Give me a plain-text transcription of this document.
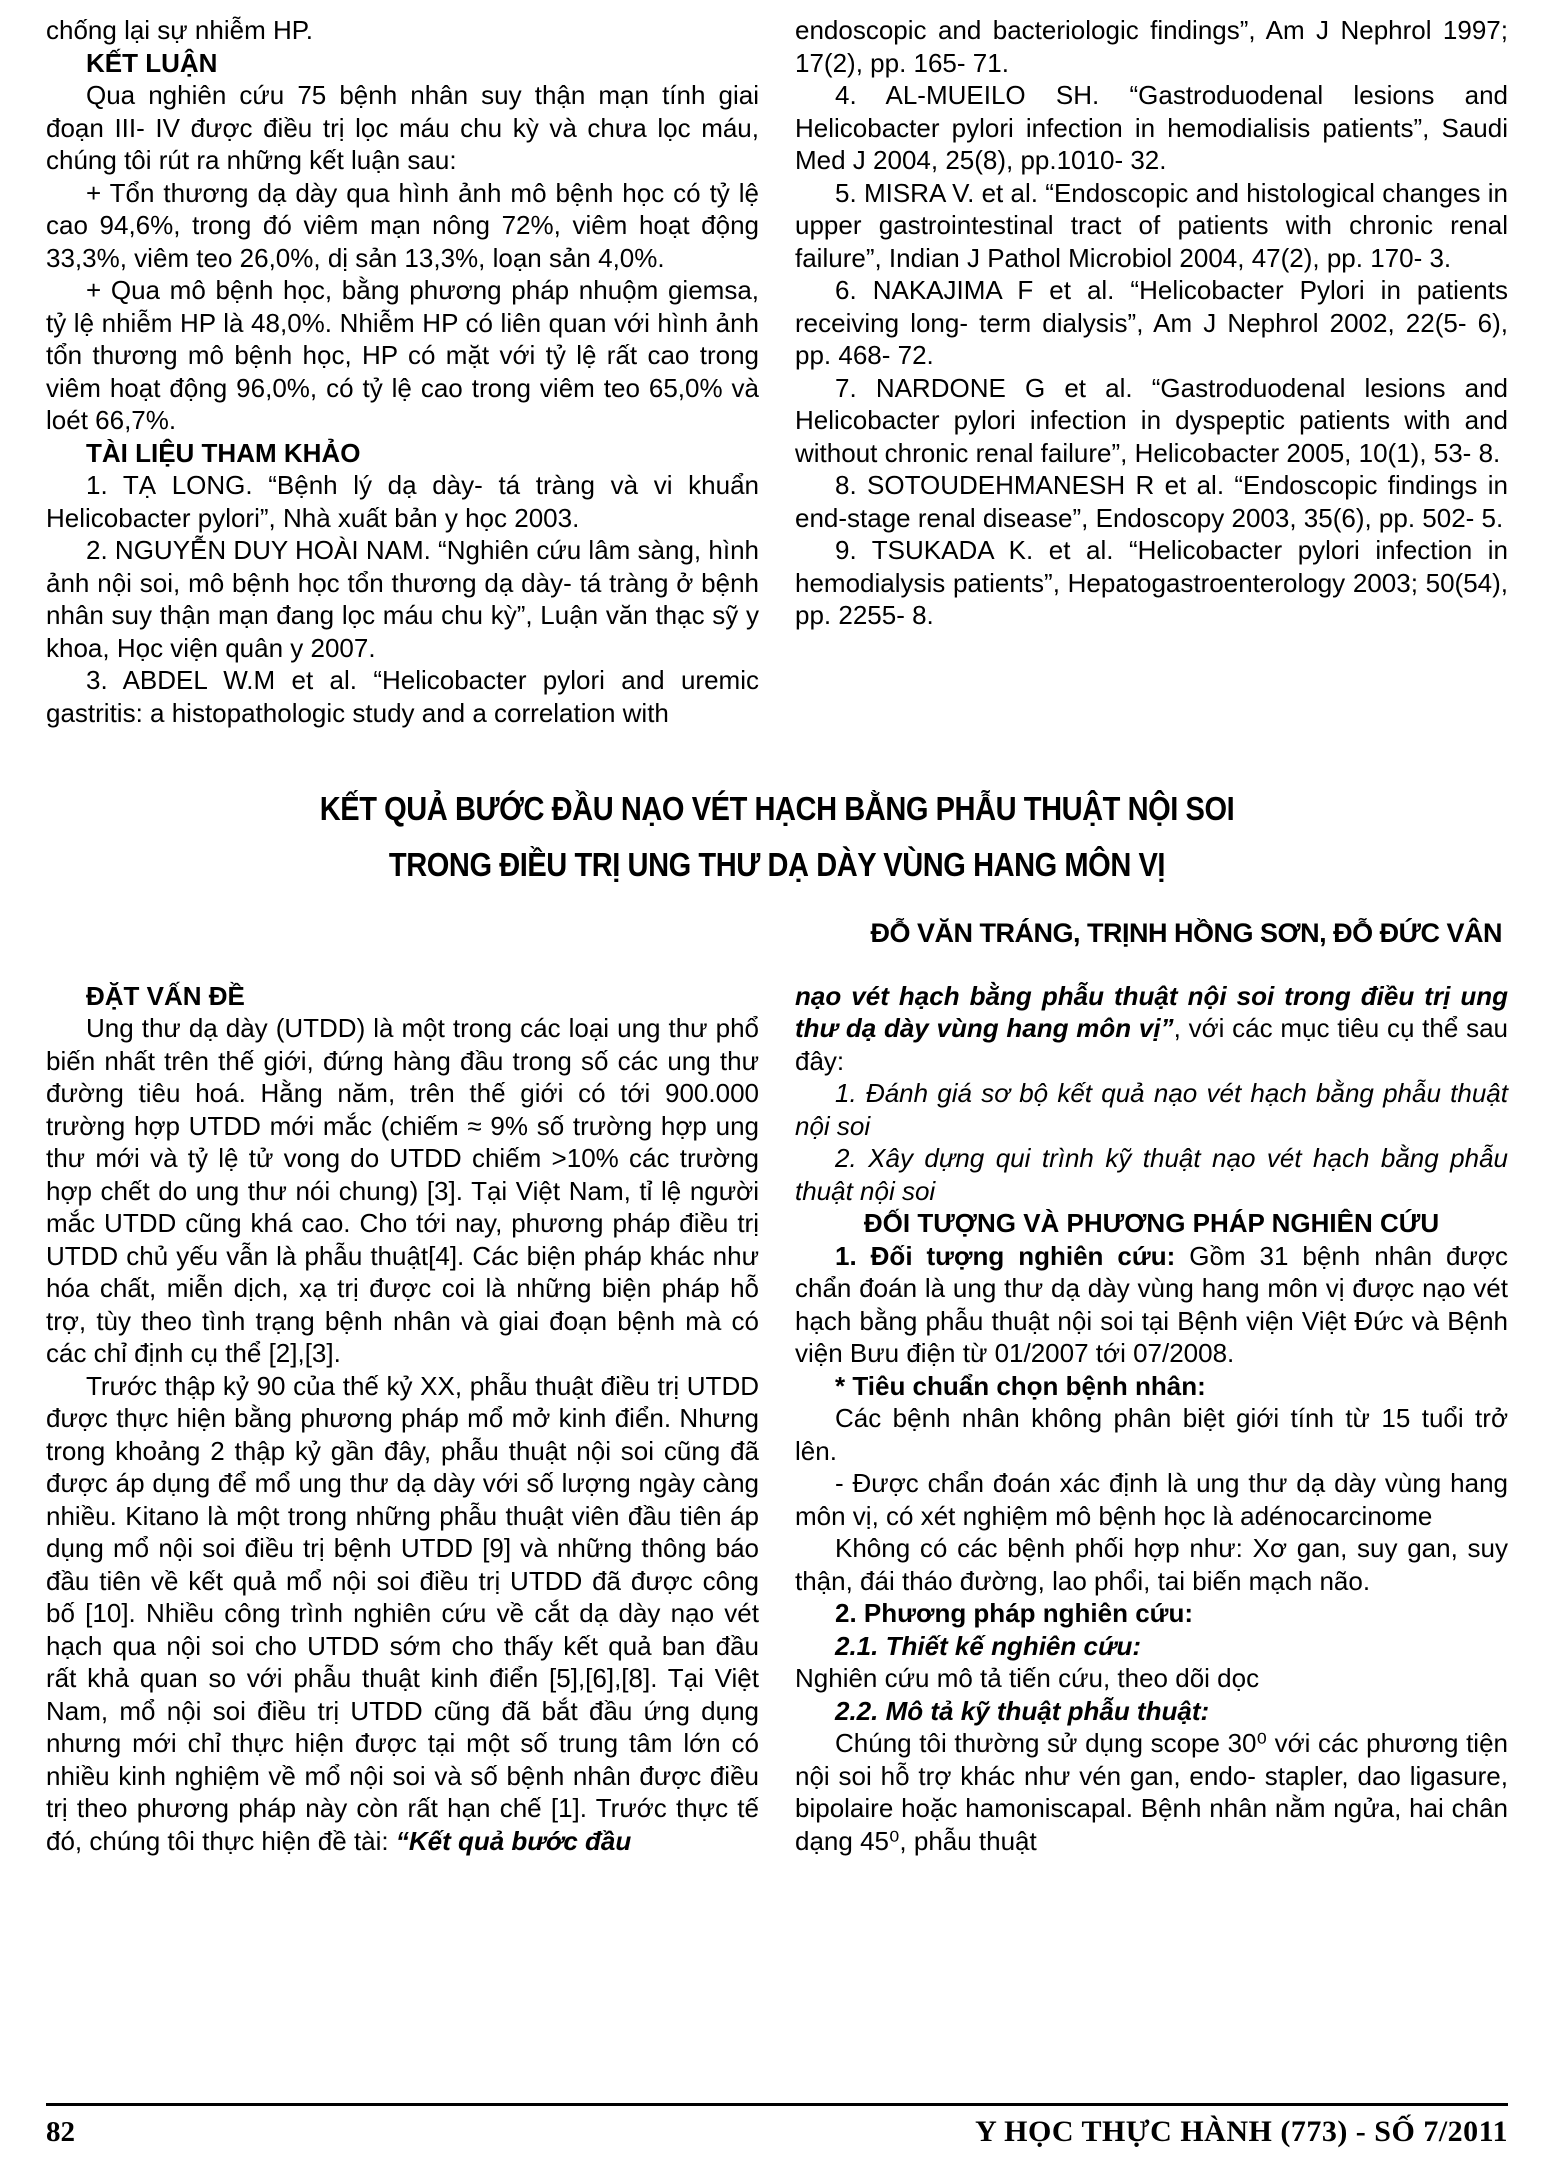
chống lại sự nhiễm HP.

KẾT LUẬN

Qua nghiên cứu 75 bệnh nhân suy thận mạn tính giai đoạn III- IV được điều trị lọc máu chu kỳ và chưa lọc máu, chúng tôi rút ra những kết luận sau:

+ Tổn thương dạ dày qua hình ảnh mô bệnh học có tỷ lệ cao 94,6%, trong đó viêm mạn nông 72%, viêm hoạt động 33,3%, viêm teo 26,0%, dị sản 13,3%, loạn sản 4,0%.

+ Qua mô bệnh học, bằng phương pháp nhuộm giemsa, tỷ lệ nhiễm HP là 48,0%. Nhiễm HP có liên quan với hình ảnh tổn thương mô bệnh học, HP có mặt với tỷ lệ rất cao trong viêm hoạt động 96,0%, có tỷ lệ cao trong viêm teo 65,0% và loét 66,7%.

TÀI LIỆU THAM KHẢO

1. TẠ LONG. “Bệnh lý dạ dày- tá tràng và vi khuẩn Helicobacter pylori”, Nhà xuất bản y học 2003.

2. NGUYỄN DUY HOÀI NAM. “Nghiên cứu lâm sàng, hình ảnh nội soi, mô bệnh học tổn thương dạ dày- tá tràng ở bệnh nhân suy thận mạn đang lọc máu chu kỳ”, Luận văn thạc sỹ y khoa, Học viện quân y 2007.

3. ABDEL W.M et al. “Helicobacter pylori and uremic gastritis: a histopathologic study and a correlation with

endoscopic and bacteriologic findings”, Am J Nephrol 1997; 17(2), pp. 165- 71.

4. AL-MUEILO SH. “Gastroduodenal lesions and Helicobacter pylori infection in hemodialisis patients”, Saudi Med J 2004, 25(8), pp.1010- 32.

5. MISRA V. et al. “Endoscopic and histological changes in upper gastrointestinal tract of patients with chronic renal failure”, Indian J Pathol Microbiol 2004, 47(2), pp. 170- 3.

6. NAKAJIMA F et al. “Helicobacter Pylori in patients receiving long- term dialysis”, Am J Nephrol 2002, 22(5- 6), pp. 468- 72.

7. NARDONE G et al. “Gastroduodenal lesions and Helicobacter pylori infection in dyspeptic patients with and without chronic renal failure”, Helicobacter 2005, 10(1), 53- 8.

8. SOTOUDEHMANESH R et al. “Endoscopic findings in end-stage renal disease”, Endoscopy 2003, 35(6), pp. 502- 5.

9. TSUKADA K. et al. “Helicobacter pylori infection in hemodialysis patients”, Hepatogastroenterology 2003; 50(54), pp. 2255- 8.

KẾT QUẢ BƯỚC ĐẦU NẠO VÉT HẠCH BẰNG PHẪU THUẬT NỘI SOI
TRONG ĐIỀU TRỊ UNG THƯ DẠ DÀY VÙNG HANG MÔN VỊ
ĐỖ VĂN TRÁNG, TRỊNH HỒNG SƠN, ĐỖ ĐỨC VÂN

ĐẶT VẤN ĐỀ

Ung thư dạ dày (UTDD) là một trong các loại ung thư phổ biến nhất trên thế giới, đứng hàng đầu trong số các ung thư đường tiêu hoá. Hằng năm, trên thế giới có tới 900.000 trường hợp UTDD mới mắc (chiếm ≈ 9% số trường hợp ung thư mới và tỷ lệ tử vong do UTDD chiếm >10% các trường hợp chết do ung thư nói chung) [3]. Tại Việt Nam, tỉ lệ người mắc UTDD cũng khá cao. Cho tới nay, phương pháp điều trị UTDD chủ yếu vẫn là phẫu thuật[4]. Các biện pháp khác như hóa chất, miễn dịch, xạ trị được coi là những biện pháp hỗ trợ, tùy theo tình trạng bệnh nhân và giai đoạn bệnh mà có các chỉ định cụ thể [2],[3].

Trước thập kỷ 90 của thế kỷ XX, phẫu thuật điều trị UTDD được thực hiện bằng phương pháp mổ mở kinh điển. Nhưng trong khoảng 2 thập kỷ gần đây, phẫu thuật nội soi cũng đã được áp dụng để mổ ung thư dạ dày với số lượng ngày càng nhiều. Kitano là một trong những phẫu thuật viên đầu tiên áp dụng mổ nội soi điều trị bệnh UTDD [9] và những thông báo đầu tiên về kết quả mổ nội soi điều trị UTDD đã được công bố [10]. Nhiều công trình nghiên cứu về cắt dạ dày nạo vét hạch qua nội soi cho UTDD sớm cho thấy kết quả ban đầu rất khả quan so với phẫu thuật kinh điển [5],[6],[8]. Tại Việt Nam, mổ nội soi điều trị UTDD cũng đã bắt đầu ứng dụng nhưng mới chỉ thực hiện được tại một số trung tâm lớn có nhiều kinh nghiệm về mổ nội soi và số bệnh nhân được điều trị theo phương pháp này còn rất hạn chế [1]. Trước thực tế đó, chúng tôi thực hiện đề tài: “Kết quả bước đầu

nạo vét hạch bằng phẫu thuật nội soi trong điều trị ung thư dạ dày vùng hang môn vị”, với các mục tiêu cụ thể sau đây:

1. Đánh giá sơ bộ kết quả nạo vét hạch bằng phẫu thuật nội soi

2. Xây dựng qui trình kỹ thuật nạo vét hạch bằng phẫu thuật nội soi

ĐỐI TƯỢNG VÀ PHƯƠNG PHÁP NGHIÊN CỨU

1. Đối tượng nghiên cứu: Gồm 31 bệnh nhân được chẩn đoán là ung thư dạ dày vùng hang môn vị được nạo vét hạch bằng phẫu thuật nội soi tại Bệnh viện Việt Đức và Bệnh viện Bưu điện từ 01/2007 tới 07/2008.

* Tiêu chuẩn chọn bệnh nhân:

Các bệnh nhân không phân biệt giới tính từ 15 tuổi trở lên.

- Được chẩn đoán xác định là ung thư dạ dày vùng hang môn vị, có xét nghiệm mô bệnh học là adénocarcinome

Không có các bệnh phối hợp như: Xơ gan, suy gan, suy thận, đái tháo đường, lao phổi, tai biến mạch não.

2. Phương pháp nghiên cứu:

2.1. Thiết kế nghiên cứu:

Nghiên cứu mô tả tiến cứu, theo dõi dọc

2.2. Mô tả kỹ thuật phẫu thuật:

Chúng tôi thường sử dụng scope 30⁰ với các phương tiện nội soi hỗ trợ khác như vén gan, endo- stapler, dao ligasure, bipolaire hoặc hamoniscapal. Bệnh nhân nằm ngửa, hai chân dạng 45⁰, phẫu thuật

82	Y HỌC THỰC HÀNH (773) - SỐ 7/2011
